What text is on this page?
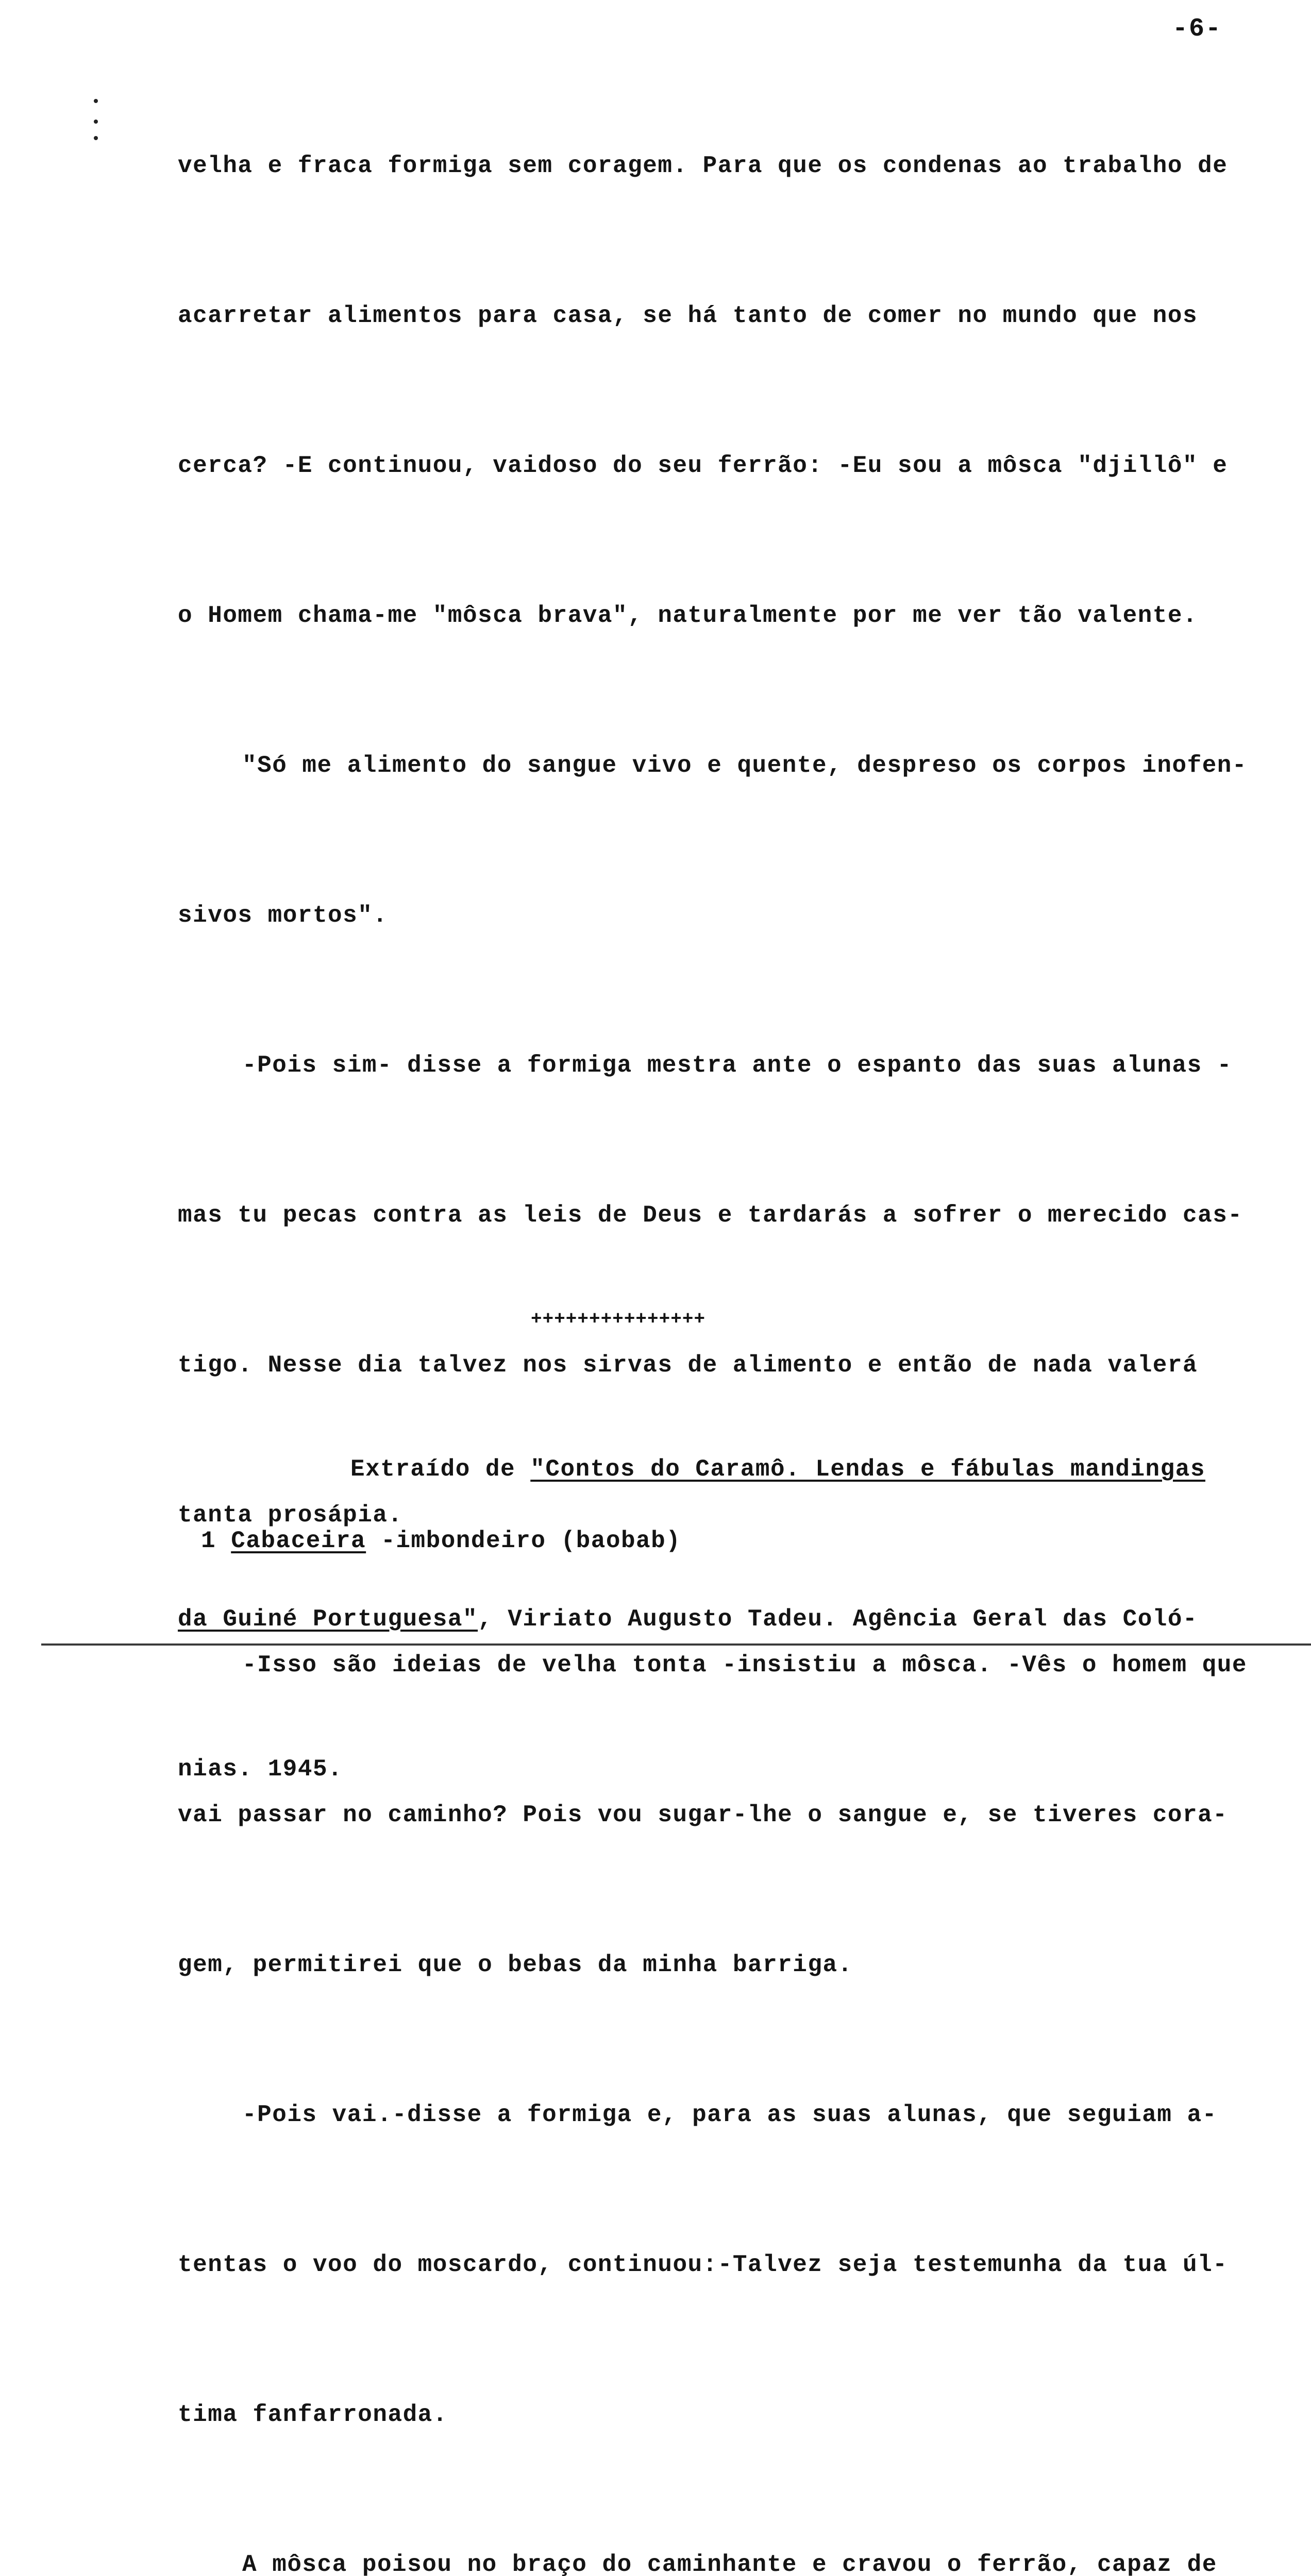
-6-

velha e fraca formiga sem coragem. Para que os condenas ao trabalho de

acarretar alimentos para casa, se há tanto de comer no mundo que nos

cerca? -E continuou, vaidoso do seu ferrão: -Eu sou a môsca "djillô" e

o Homem chama-me "môsca brava", naturalmente por me ver tão valente.

"Só me alimento do sangue vivo e quente, despreso os corpos inofen-

sivos mortos".

-Pois sim- disse a formiga mestra ante o espanto das suas alunas -

mas tu pecas contra as leis de Deus e tardarás a sofrer o merecido cas-

tigo. Nesse dia talvez nos sirvas de alimento e então de nada valerá

tanta prosápia.

-Isso são ideias de velha tonta -insistiu a môsca. -Vês o homem que

vai passar no caminho? Pois vou sugar-lhe o sangue e, se tiveres cora-

gem, permitirei que o bebas da minha barriga.

-Pois vai.-disse a formiga e, para as suas alunas, que seguiam a-

tentas o voo do moscardo, continuou:-Talvez seja testemunha da tua úl-

tima fanfarronada.

A môsca poisou no braço do caminhante e cravou o ferrão, capaz de

+++++++++++++++

Extraído de "Contos do Caramô. Lendas e fábulas mandingas

da Guiné Portuguesa", Viriato Augusto Tadeu. Agência Geral das Coló-

nias. 1945.

1 Cabaceira -imbondeiro (baobab)
